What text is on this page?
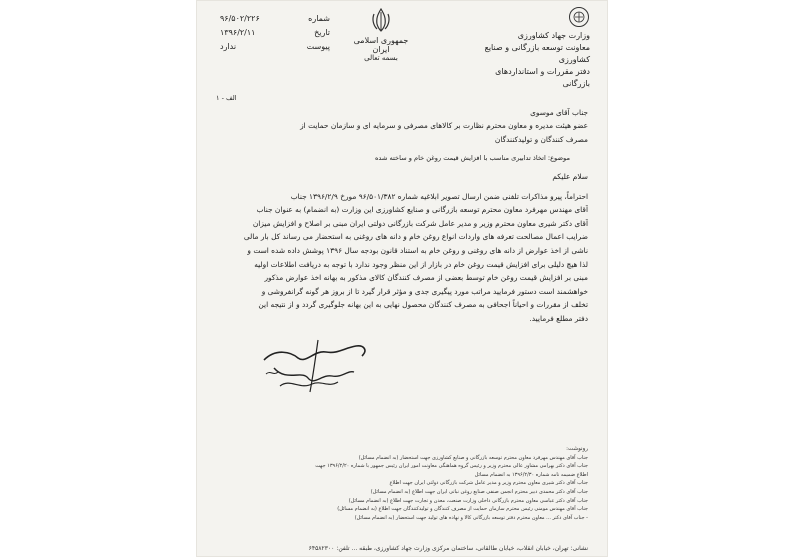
شماره
۹۶/۵۰۲/۲۲۶
تاریخ
۱۳۹۶/۲/۱۱
پیوست
ندارد
جمهوری اسلامی ایران
بسمه تعالی
وزارت جهاد کشاورزی
معاونت توسعه بازرگانی و صنایع کشاورزی
دفتر مقررات و استانداردهای بازرگانی
الف - ۱
جناب آقای موسوی
عضو هیئت مدیره و معاون محترم نظارت بر کالاهای مصرفی و سرمایه ای و سازمان حمایت از
مصرف کنندگان و تولیدکنندگان
موضوع: اتخاذ تدابیری مناسب با افزایش قیمت روغن خام و ساخته شده
سلام علیکم
احتراماً، پیرو مذاکرات تلفنی ضمن ارسال تصویر ابلاغیه شماره ۹۶/۵۰۱/۳۸۲ مورخ ۱۳۹۶/۲/۹ جناب
آقای مهندس مهرفرد معاون محترم توسعه بازرگانی و صنایع کشاورزی این وزارت (به انضمام) به عنوان جناب
آقای دکتر شیری معاون محترم وزیر و مدیر عامل شرکت بازرگانی دولتی ایران مبنی بر اصلاح و افزایش میزان
ضرایب اعمال مصالحت تعرفه های واردات انواع روغن خام و دانه های روغنی به استحضار می رساند کل بار مالی
ناشی از اخذ عوارض از دانه های روغنی و روغن خام به استناد قانون بودجه سال ۱۳۹۶ پوشش داده شده است و
لذا هیچ دلیلی برای افزایش قیمت روغن خام در بازار از این منظر وجود ندارد با توجه به دریافت اطلاعات اولیه
مبنی بر افزایش قیمت روغن خام توسط بعضی از مصرف کنندگان کالای مذکور به بهانه اخذ عوارض مذکور
خواهشمند است دستور فرمایید مراتب مورد پیگیری جدی و مؤثر قرار گیرد تا از بروز هر گونه گرانفروشی و
تخلف از مقررات و احیاناً اجحافی به مصرف کنندگان محصول نهایی به این بهانه جلوگیری گردد و از نتیجه این
دفتر مطلع فرمایید.
رونوشت:
جناب آقای مهندس مهرفرد معاون محترم توسعه بازرگانی و صنایع کشاورزی جهت استحضار (به انضمام مسائل)
جناب آقای دکتر بهرامی مشاور عالی محترم وزیر و رئیس گروه هماهنگی معاونت امور ایران رئیس جمهور با شماره ۱۳۹۶/۲/۲۰ جهت
اطلاع ضمیمه نامه شماره ۱۳۹۶/۲/۳۰ به انضمام مسائل
جناب آقای دکتر شیری معاون محترم وزیر و مدیر عامل شرکت بازرگانی دولتی ایران جهت اطلاع
جناب آقای دکتر محمدی دبیر محترم انجمن صنفی صنایع روغن نباتی ایران جهت اطلاع (به انضمام مسائل)
جناب آقای دکتر عباسی معاون محترم بازرگانی داخلی وزارت صنعت، معدن و تجارت جهت اطلاع (به انضمام مسائل)
جناب آقای مهندس مومنی رئیس محترم سازمان حمایت از مصرف کنندگان و تولیدکنندگان جهت اطلاع (به انضمام مسائل)
- جناب آقای دکتر ... معاون محترم دفتر توسعه بازرگانی کالا و نهاده های تولید جهت استحضار (به انضمام مسائل)
نشانی: تهران، خیابان انقلاب، خیابان طالقانی، ساختمان مرکزی وزارت جهاد کشاورزی، طبقه ... تلفن: ۶۴۵۸۲۳۰۰
